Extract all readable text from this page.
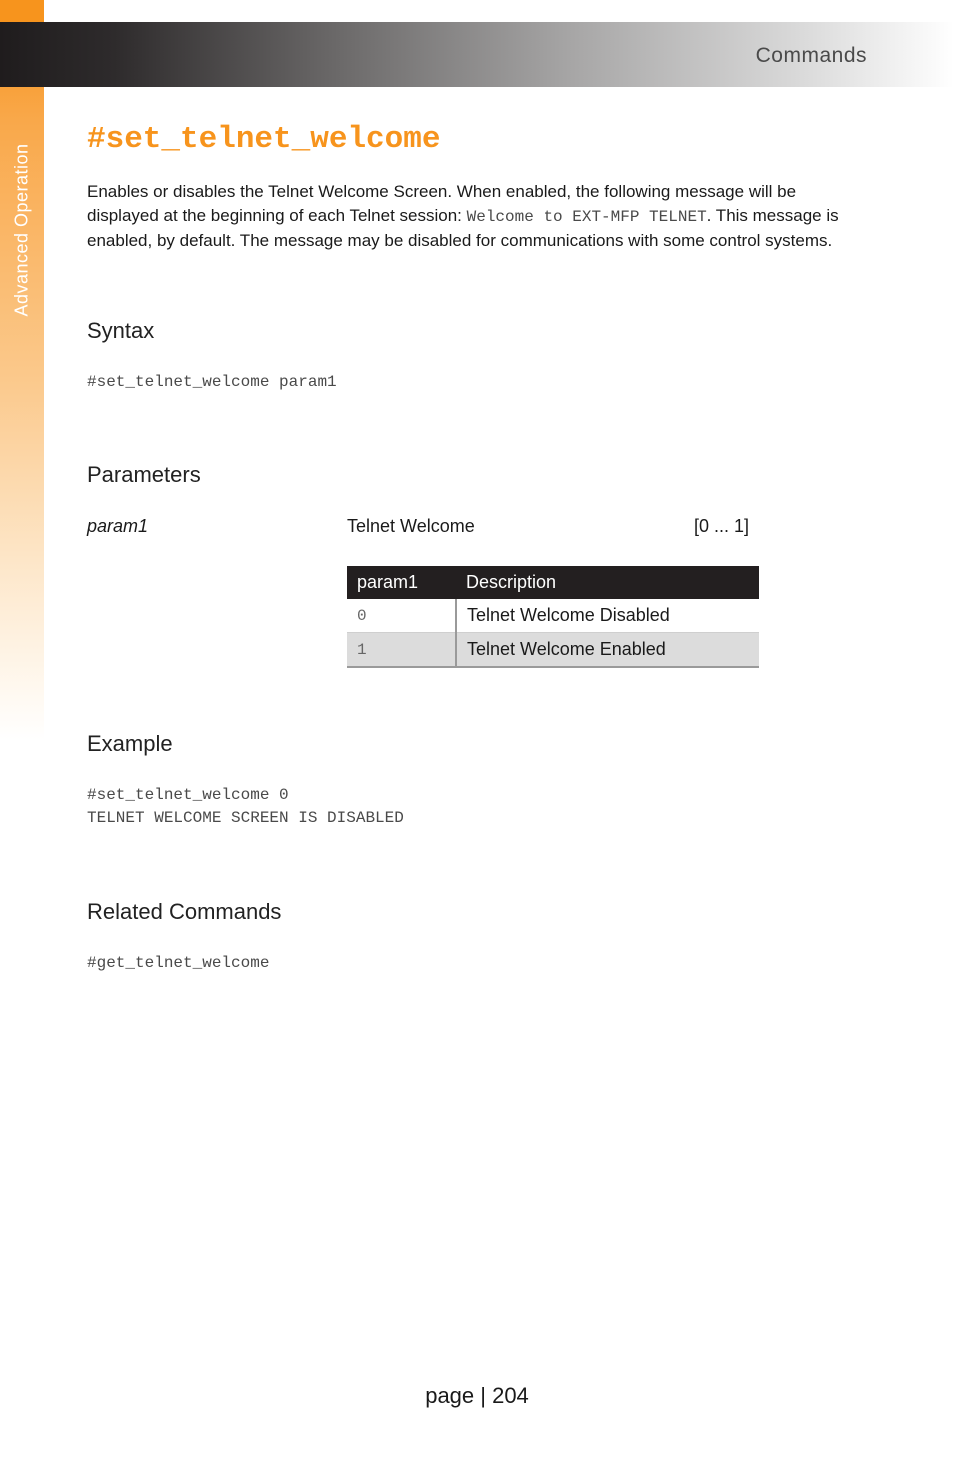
Advanced Operation
Commands
#set_telnet_welcome
Enables or disables the Telnet Welcome Screen. When enabled, the following message will be displayed at the beginning of each Telnet session: Welcome to EXT-MFP TELNET. This message is enabled, by default. The message may be disabled for communications with some control systems.
Syntax
#set_telnet_welcome param1
Parameters
param1	Telnet Welcome	[0 ... 1]
param1	Description
0	Telnet Welcome Disabled
1	Telnet Welcome Enabled
Example
#set_telnet_welcome 0
TELNET WELCOME SCREEN IS DISABLED
Related Commands
#get_telnet_welcome
page | 204
